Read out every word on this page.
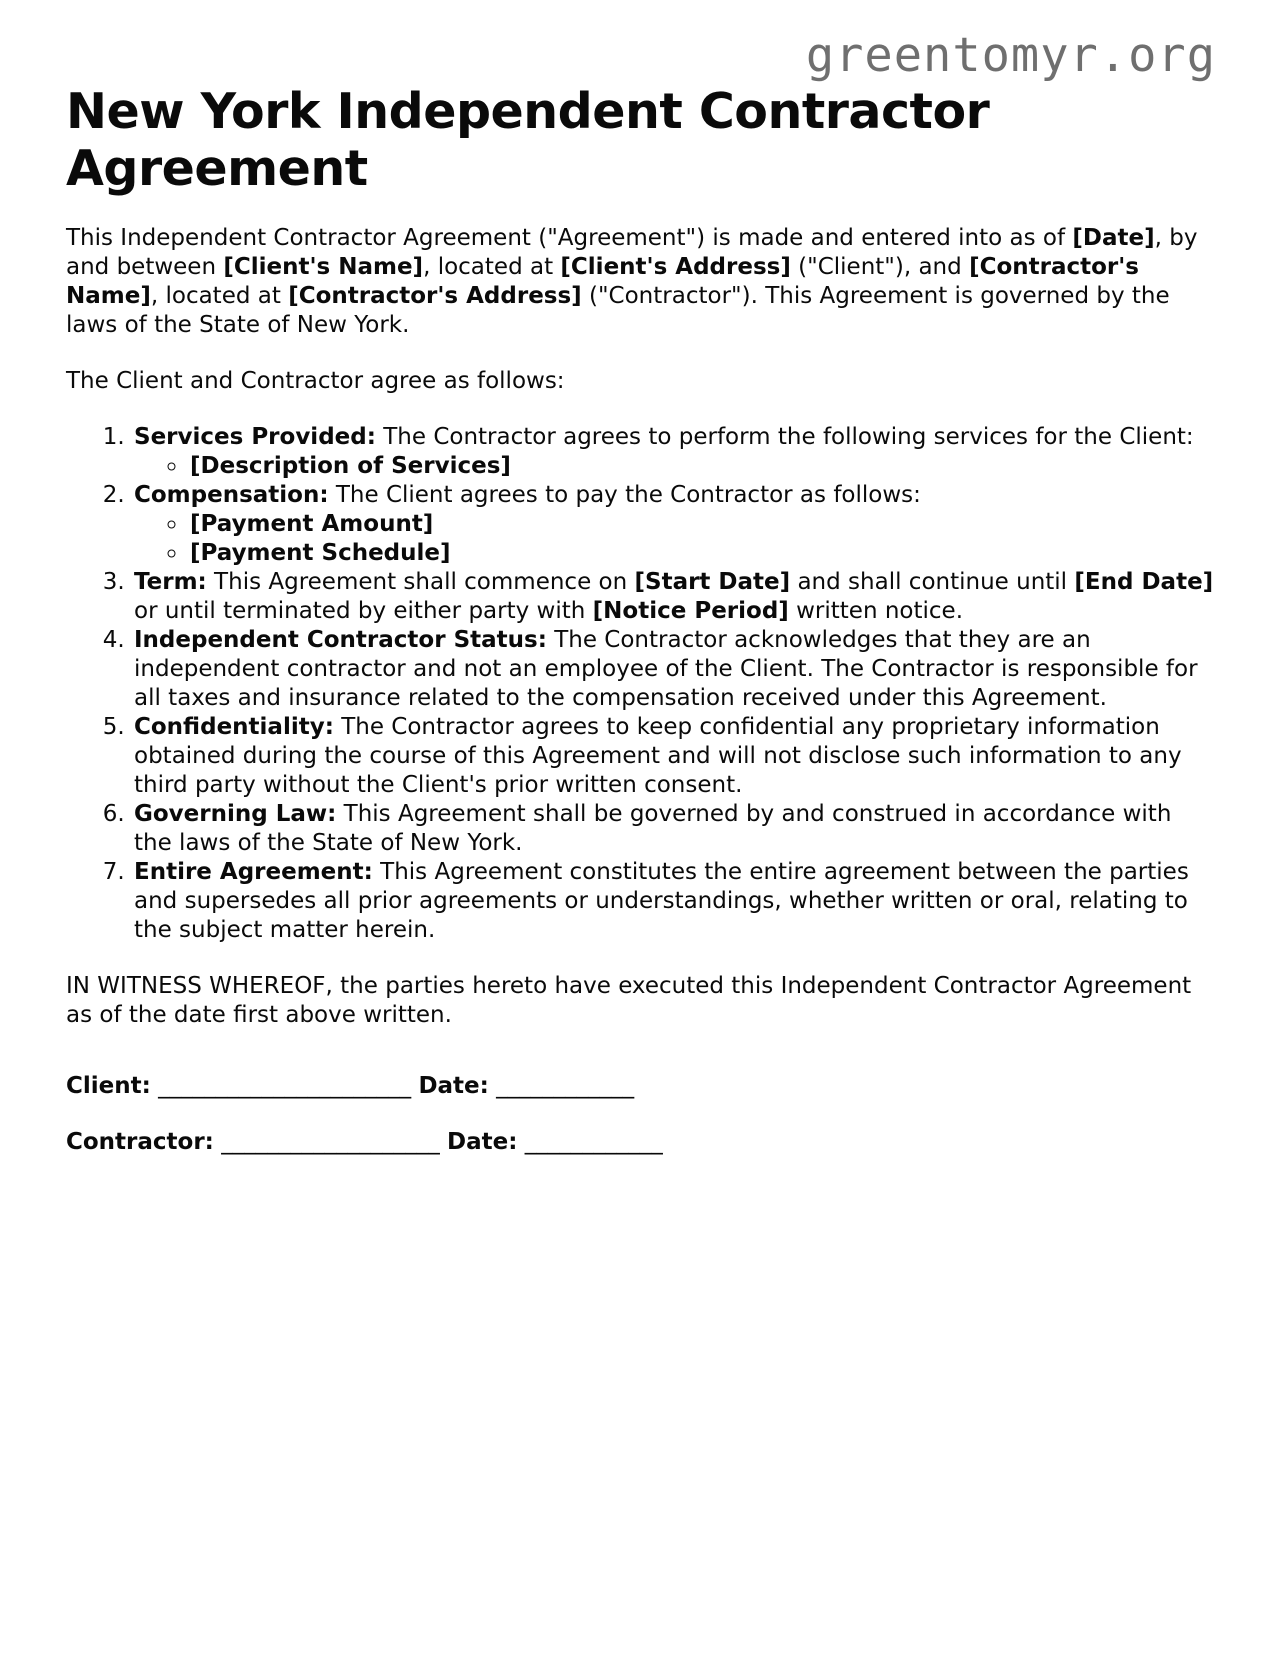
greentomyr.org
New York Independent Contractor Agreement

This Independent Contractor Agreement ("Agreement") is made and entered into as of [Date], by and between [Client's Name], located at [Client's Address] ("Client"), and [Contractor's Name], located at [Contractor's Address] ("Contractor"). This Agreement is governed by the laws of the State of New York.

The Client and Contractor agree as follows:

1. Services Provided: The Contractor agrees to perform the following services for the Client:
◦ [Description of Services]
2. Compensation: The Client agrees to pay the Contractor as follows:
◦ [Payment Amount]
◦ [Payment Schedule]
3. Term: This Agreement shall commence on [Start Date] and shall continue until [End Date] or until terminated by either party with [Notice Period] written notice.
4. Independent Contractor Status: The Contractor acknowledges that they are an independent contractor and not an employee of the Client. The Contractor is responsible for all taxes and insurance related to the compensation received under this Agreement.
5. Confidentiality: The Contractor agrees to keep confidential any proprietary information obtained during the course of this Agreement and will not disclose such information to any third party without the Client's prior written consent.
6. Governing Law: This Agreement shall be governed by and construed in accordance with the laws of the State of New York.
7. Entire Agreement: This Agreement constitutes the entire agreement between the parties and supersedes all prior agreements or understandings, whether written or oral, relating to the subject matter herein.

IN WITNESS WHEREOF, the parties hereto have executed this Independent Contractor Agreement as of the date first above written.

Client: ______________________ Date: ____________
Contractor: ___________________ Date: ____________
